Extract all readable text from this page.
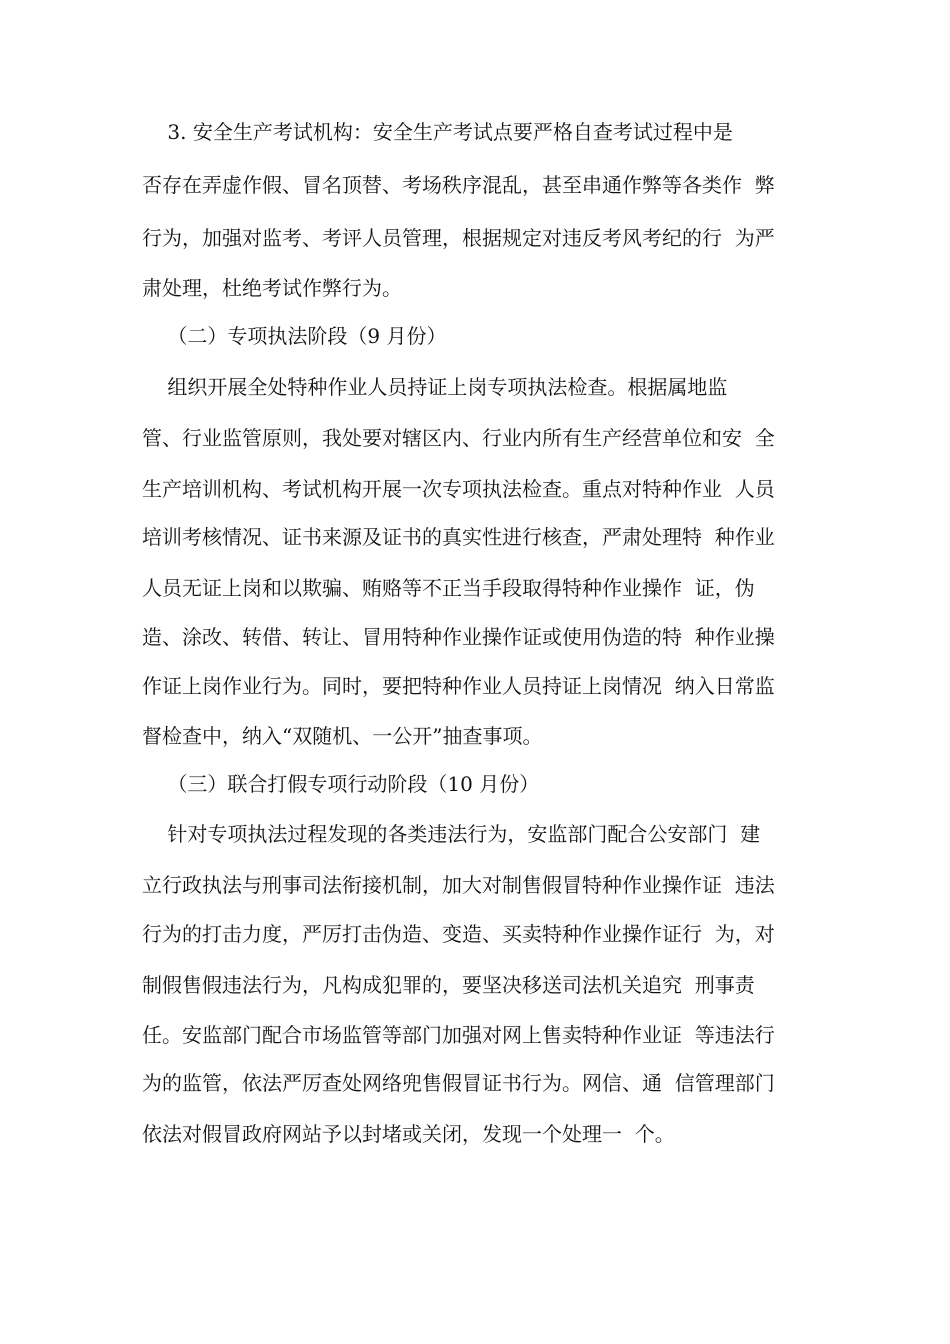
3. 安全生产考试机构：安全生产考试点要严格自查考试过程中是

否存在弄虚作假、冒名顶替、考场秩序混乱，甚至串通作弊等各类作  弊

行为，加强对监考、考评人员管理，根据规定对违反考风考纪的行  为严

肃处理，杜绝考试作弊行为。

（二）专项执法阶段（9 月份）

组织开展全处特种作业人员持证上岗专项执法检查。根据属地监

管、行业监管原则，我处要对辖区内、行业内所有生产经营单位和安  全

生产培训机构、考试机构开展一次专项执法检查。重点对特种作业  人员

培训考核情况、证书来源及证书的真实性进行核查，严肃处理特  种作业

人员无证上岗和以欺骗、贿赂等不正当手段取得特种作业操作  证，伪

造、涂改、转借、转让、冒用特种作业操作证或使用伪造的特  种作业操

作证上岗作业行为。同时，要把特种作业人员持证上岗情况  纳入日常监

督检查中，纳入“双随机、一公开”抽查事项。

（三）联合打假专项行动阶段（10 月份）

针对专项执法过程发现的各类违法行为，安监部门配合公安部门  建

立行政执法与刑事司法衔接机制，加大对制售假冒特种作业操作证  违法

行为的打击力度，严厉打击伪造、变造、买卖特种作业操作证行  为，对

制假售假违法行为，凡构成犯罪的，要坚决移送司法机关追究  刑事责

任。安监部门配合市场监管等部门加强对网上售卖特种作业证  等违法行

为的监管，依法严厉查处网络兜售假冒证书行为。网信、通  信管理部门

依法对假冒政府网站予以封堵或关闭，发现一个处理一  个。
